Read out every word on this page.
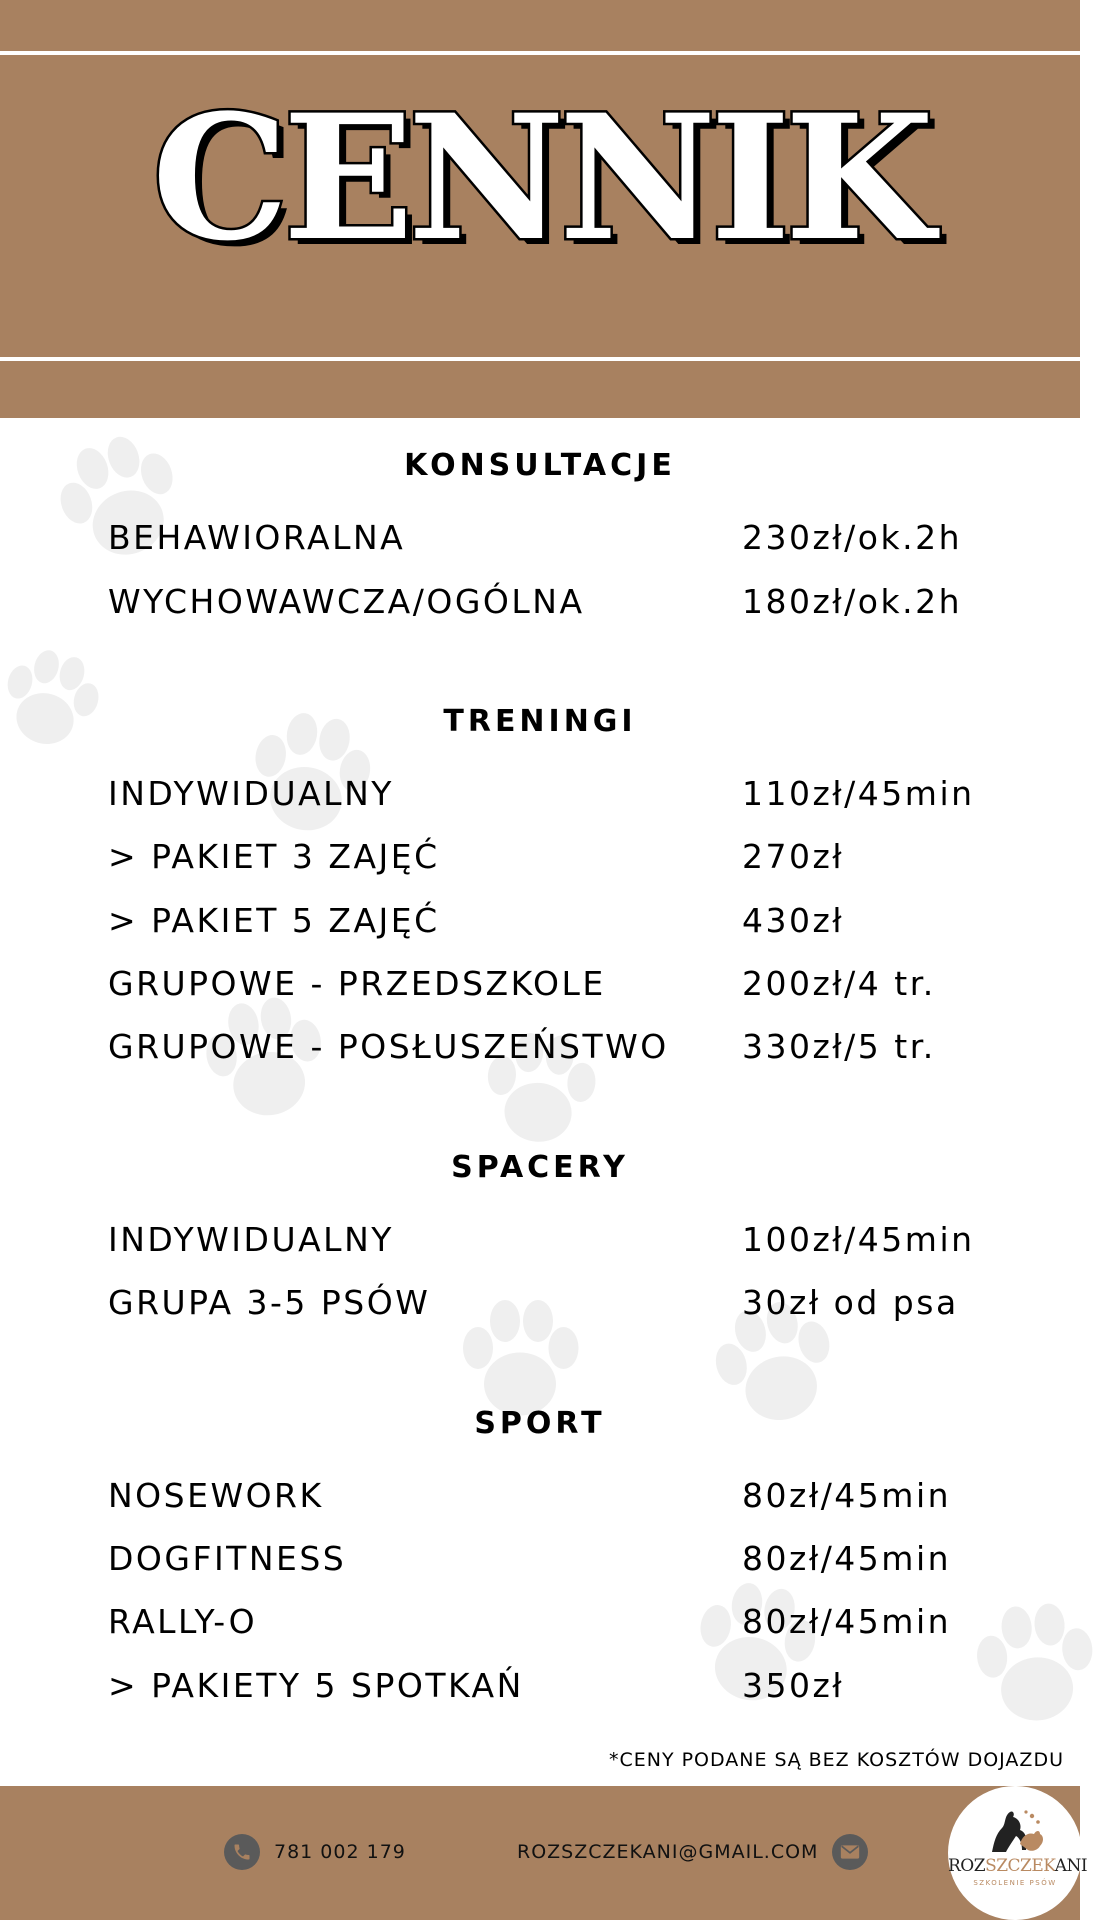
CENNIK
KONSULTACJE
BEHAWIORALNA	230zł/ok.2h
WYCHOWAWCZA/OGÓLNA	180zł/ok.2h
TRENINGI
INDYWIDUALNY	110zł/45min
> PAKIET 3 ZAJĘĆ	270zł
> PAKIET 5 ZAJĘĆ	430zł
GRUPOWE - PRZEDSZKOLE	200zł/4 tr.
GRUPOWE - POSŁUSZEŃSTWO 330zł/5 tr.
SPACERY
INDYWIDUALNY	100zł/45min
GRUPA 3-5 PSÓW	30zł od psa
SPORT
NOSEWORK	80zł/45min
DOGFITNESS	80zł/45min
RALLY-O	80zł/45min
> PAKIETY 5 SPOTKAŃ	350zł
*CENY PODANE SĄ BEZ KOSZTÓW DOJAZDU
781 002 179	ROZSZCZEKANI@GMAIL.COM
ROZSZCZEKANI
SZKOLENIE PSÓW
